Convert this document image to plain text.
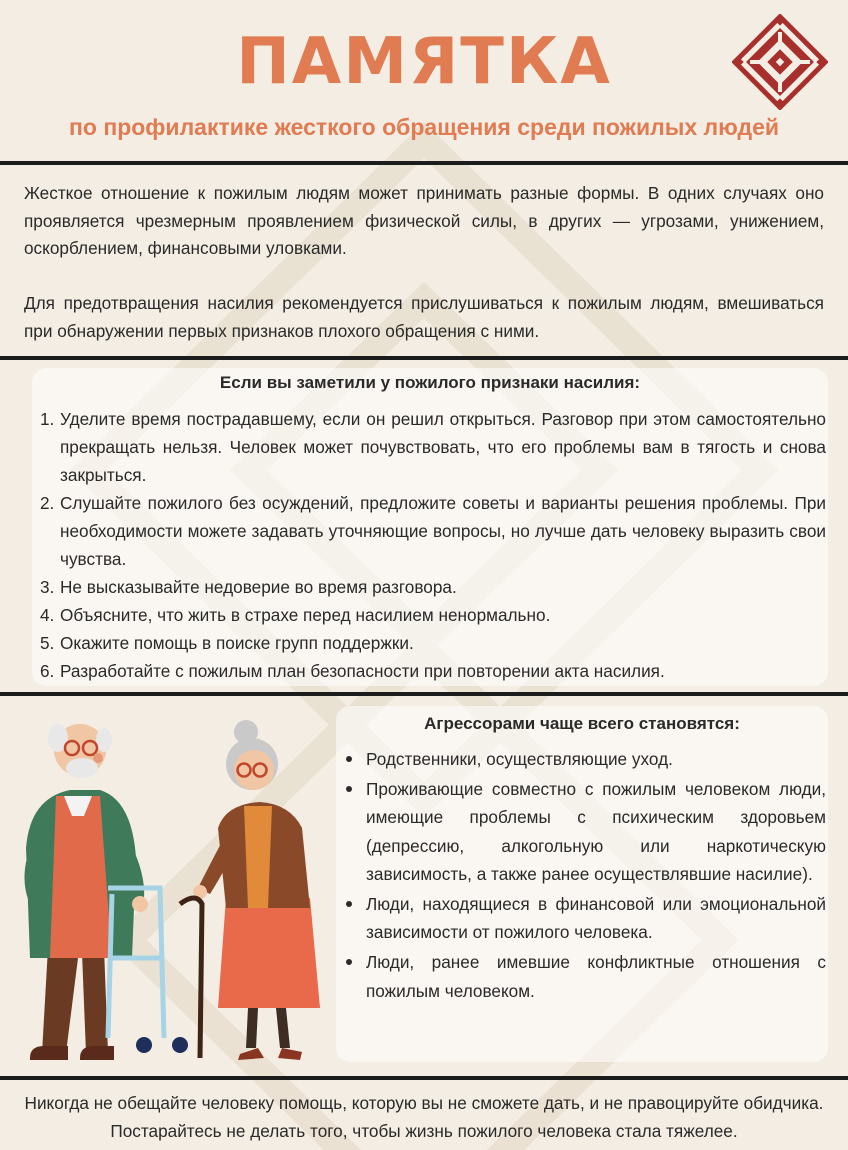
ПАМЯТКА
по профилактике жесткого обращения среди пожилых людей

Жесткое отношение к пожилым людям может принимать разные формы. В одних случаях оно проявляется чрезмерным проявлением физической силы, в других — угрозами, унижением, оскорблением, финансовыми уловками.

Для предотвращения насилия рекомендуется прислушиваться к пожилым людям, вмешиваться при обнаружении первых признаков плохого обращения с ними.

Если вы заметили у пожилого признаки насилия:
1. Уделите время пострадавшему, если он решил открыться. Разговор при этом самостоятельно прекращать нельзя. Человек может почувствовать, что его проблемы вам в тягость и снова закрыться.
2. Слушайте пожилого без осуждений, предложите советы и варианты решения проблемы. При необходимости можете задавать уточняющие вопросы, но лучше дать человеку выразить свои чувства.
3. Не высказывайте недоверие во время разговора.
4. Объясните, что жить в страхе перед насилием ненормально.
5. Окажите помощь в поиске групп поддержки.
6. Разработайте с пожилым план безопасности при повторении акта насилия.
Агрессорами чаще всего становятся:
Родственники, осуществляющие уход.
Проживающие совместно с пожилым человеком люди, имеющие проблемы с психическим здоровьем (депрессию, алкогольную или наркотическую зависимость, а также ранее осуществлявшие насилие).
Люди, находящиеся в финансовой или эмоциональной зависимости от пожилого человека.
Люди, ранее имевшие конфликтные отношения с пожилым человеком.

Никогда не обещайте человеку помощь, которую вы не сможете дать, и не правоцируйте обидчика. Постарайтесь не делать того, чтобы жизнь пожилого человека стала тяжелее.
